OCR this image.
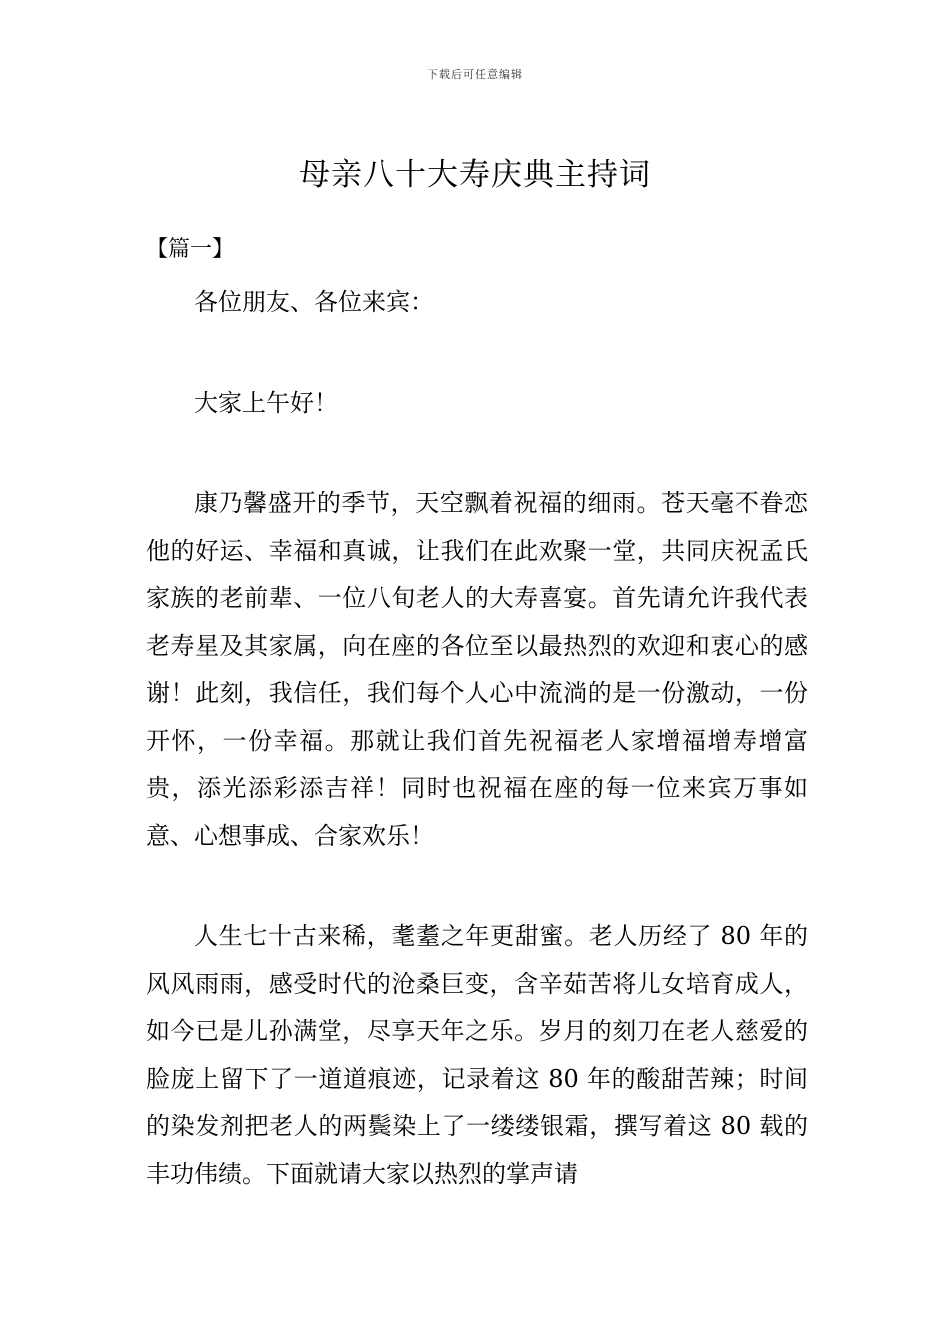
下载后可任意编辑
母亲八十大寿庆典主持词
【篇一】

各位朋友、各位来宾：

大家上午好！

康乃馨盛开的季节，天空飘着祝福的细雨。苍天毫不眷恋他的好运、幸福和真诚，让我们在此欢聚一堂，共同庆祝孟氏家族的老前辈、一位八旬老人的大寿喜宴。首先请允许我代表老寿星及其家属，向在座的各位至以最热烈的欢迎和衷心的感谢！此刻，我信任，我们每个人心中流淌的是一份激动，一份开怀，一份幸福。那就让我们首先祝福老人家增福增寿增富贵，添光添彩添吉祥！同时也祝福在座的每一位来宾万事如意、心想事成、合家欢乐！

人生七十古来稀，耄耋之年更甜蜜。老人历经了 80 年的风风雨雨，感受时代的沧桑巨变，含辛茹苦将儿女培育成人，如今已是儿孙满堂，尽享天年之乐。岁月的刻刀在老人慈爱的脸庞上留下了一道道痕迹，记录着这 80 年的酸甜苦辣；时间的染发剂把老人的两鬓染上了一缕缕银霜，撰写着这 80 载的丰功伟绩。下面就请大家以热烈的掌声请
